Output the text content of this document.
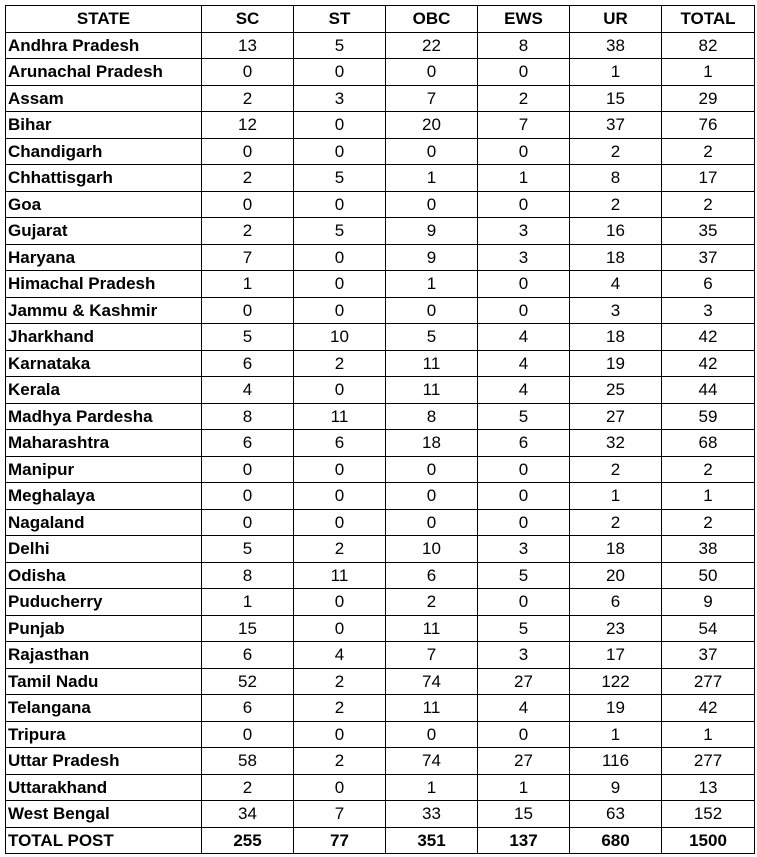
STATE	SC	ST	OBC	EWS	UR	TOTAL
Andhra Pradesh	13	5	22	8	38	82
Arunachal Pradesh	0	0	0	0	1	1
Assam	2	3	7	2	15	29
Bihar	12	0	20	7	37	76
Chandigarh	0	0	0	0	2	2
Chhattisgarh	2	5	1	1	8	17
Goa	0	0	0	0	2	2
Gujarat	2	5	9	3	16	35
Haryana	7	0	9	3	18	37
Himachal Pradesh	1	0	1	0	4	6
Jammu & Kashmir	0	0	0	0	3	3
Jharkhand	5	10	5	4	18	42
Karnataka	6	2	11	4	19	42
Kerala	4	0	11	4	25	44
Madhya Pardesha	8	11	8	5	27	59
Maharashtra	6	6	18	6	32	68
Manipur	0	0	0	0	2	2
Meghalaya	0	0	0	0	1	1
Nagaland	0	0	0	0	2	2
Delhi	5	2	10	3	18	38
Odisha	8	11	6	5	20	50
Puducherry	1	0	2	0	6	9
Punjab	15	0	11	5	23	54
Rajasthan	6	4	7	3	17	37
Tamil Nadu	52	2	74	27	122	277
Telangana	6	2	11	4	19	42
Tripura	0	0	0	0	1	1
Uttar Pradesh	58	2	74	27	116	277
Uttarakhand	2	0	1	1	9	13
West Bengal	34	7	33	15	63	152
TOTAL POST	255	77	351	137	680	1500
